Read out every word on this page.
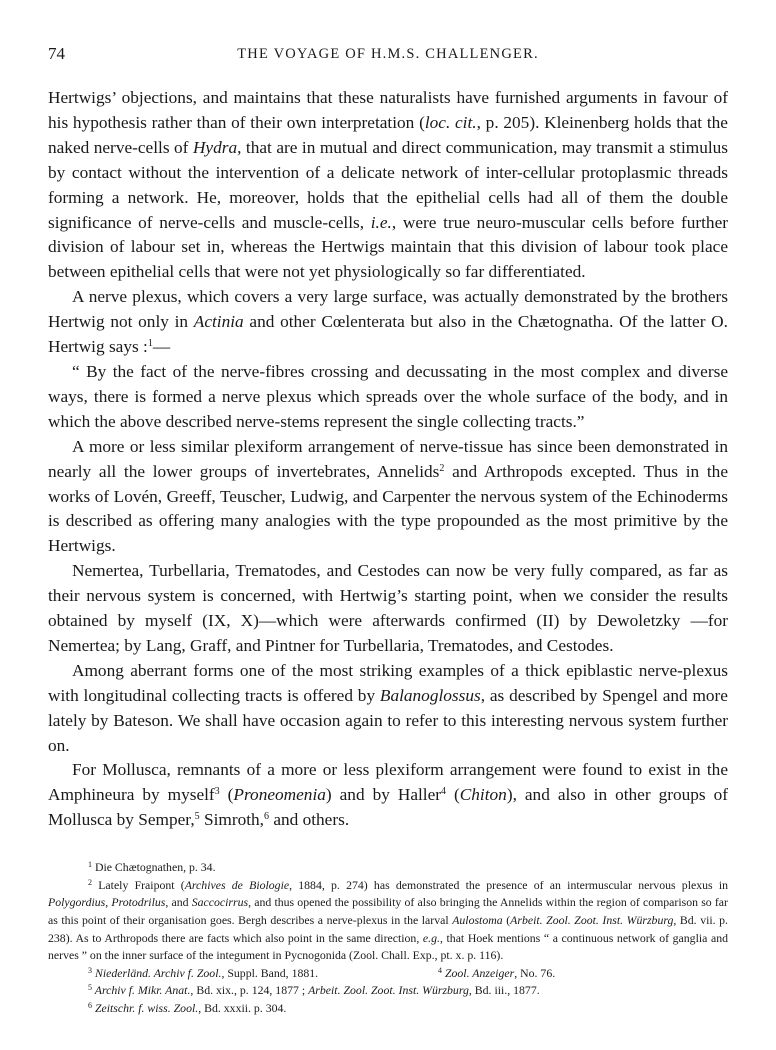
74	THE VOYAGE OF H.M.S. CHALLENGER.

Hertwigs’ objections, and maintains that these naturalists have furnished arguments in favour of his hypothesis rather than of their own interpretation (loc. cit., p. 205). Kleinenberg holds that the naked nerve-cells of Hydra, that are in mutual and direct communication, may transmit a stimulus by contact without the intervention of a delicate network of inter-cellular protoplasmic threads forming a network. He, moreover, holds that the epithelial cells had all of them the double significance of nerve-cells and muscle-cells, i.e., were true neuro-muscular cells before further division of labour set in, whereas the Hertwigs maintain that this division of labour took place between epithelial cells that were not yet physiologically so far differentiated.

A nerve plexus, which covers a very large surface, was actually demonstrated by the brothers Hertwig not only in Actinia and other Cœlenterata but also in the Chætognatha. Of the latter O. Hertwig says :$^1$—

“ By the fact of the nerve-fibres crossing and decussating in the most complex and diverse ways, there is formed a nerve plexus which spreads over the whole surface of the body, and in which the above described nerve-stems represent the single collecting tracts.”

A more or less similar plexiform arrangement of nerve-tissue has since been demonstrated in nearly all the lower groups of invertebrates, Annelids$^2$ and Arthropods excepted. Thus in the works of Lovén, Greeff, Teuscher, Ludwig, and Carpenter the nervous system of the Echinoderms is described as offering many analogies with the type propounded as the most primitive by the Hertwigs.

Nemertea, Turbellaria, Trematodes, and Cestodes can now be very fully compared, as far as their nervous system is concerned, with Hertwig’s starting point, when we consider the results obtained by myself (IX, X)—which were afterwards confirmed (II) by Dewoletzky —for Nemertea; by Lang, Graff, and Pintner for Turbellaria, Trematodes, and Cestodes.

Among aberrant forms one of the most striking examples of a thick epiblastic nerve-plexus with longitudinal collecting tracts is offered by Balanoglossus, as described by Spengel and more lately by Bateson. We shall have occasion again to refer to this interesting nervous system further on.

For Mollusca, remnants of a more or less plexiform arrangement were found to exist in the Amphineura by myself$^3$ (Proneomenia) and by Haller$^4$ (Chiton), and also in other groups of Mollusca by Semper,$^5$ Simroth,$^6$ and others.

$^1$ Die Chætognathen, p. 34.

$^2$ Lately Fraipont (Archives de Biologie, 1884, p. 274) has demonstrated the presence of an intermuscular nervous plexus in Polygordius, Protodrilus, and Saccocirrus, and thus opened the possibility of also bringing the Annelids within the region of comparison so far as this point of their organisation goes. Bergh describes a nerve-plexus in the larval Aulostoma (Arbeit. Zool. Zoot. Inst. Würzburg, Bd. vii. p. 238). As to Arthropods there are facts which also point in the same direction, e.g., that Hoek mentions “ a continuous network of ganglia and nerves ” on the inner surface of the integument in Pycnogonida (Zool. Chall. Exp., pt. x. p. 116).

$^3$ Niederländ. Archiv f. Zool., Suppl. Band, 1881.	$^4$ Zool. Anzeiger, No. 76.

$^5$ Archiv f. Mikr. Anat., Bd. xix., p. 124, 1877 ; Arbeit. Zool. Zoot. Inst. Würzburg, Bd. iii., 1877.

$^6$ Zeitschr. f. wiss. Zool., Bd. xxxii. p. 304.
